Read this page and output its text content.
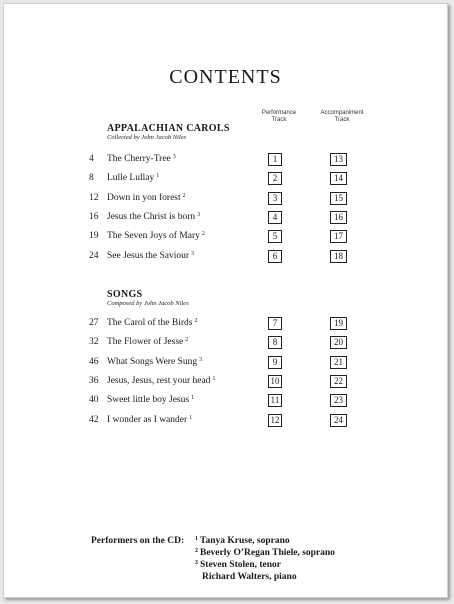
CONTENTS
Performance
Track
Accompaniment
Track
APPALACHIAN CAROLS
Collected by John Jacob Niles
4 The Cherry-Tree $^3$	1	13
8 Lulle Lullay $^1$	2	14
12 Down in yon forest $^2$	3	15
16 Jesus the Christ is born $^3$	4	16
19 The Seven Joys of Mary $^2$	5	17
24 See Jesus the Saviour $^3$	6	18
SONGS
Composed by John Jacob Niles
27 The Carol of the Birds $^2$	7	19
32 The Flower of Jesse $^2$	8	20
46 What Songs Were Sung $^3$	9	21
36 Jesus, Jesus, rest your head $^1$	10	22
40 Sweet little boy Jesus $^1$	11	23
42 I wonder as I wander $^1$	12	24
Performers on the CD: $^1$ Tanya Kruse, soprano
$^2$ Beverly O’Regan Thiele, soprano
$^3$ Steven Stolen, tenor
Richard Walters, piano
